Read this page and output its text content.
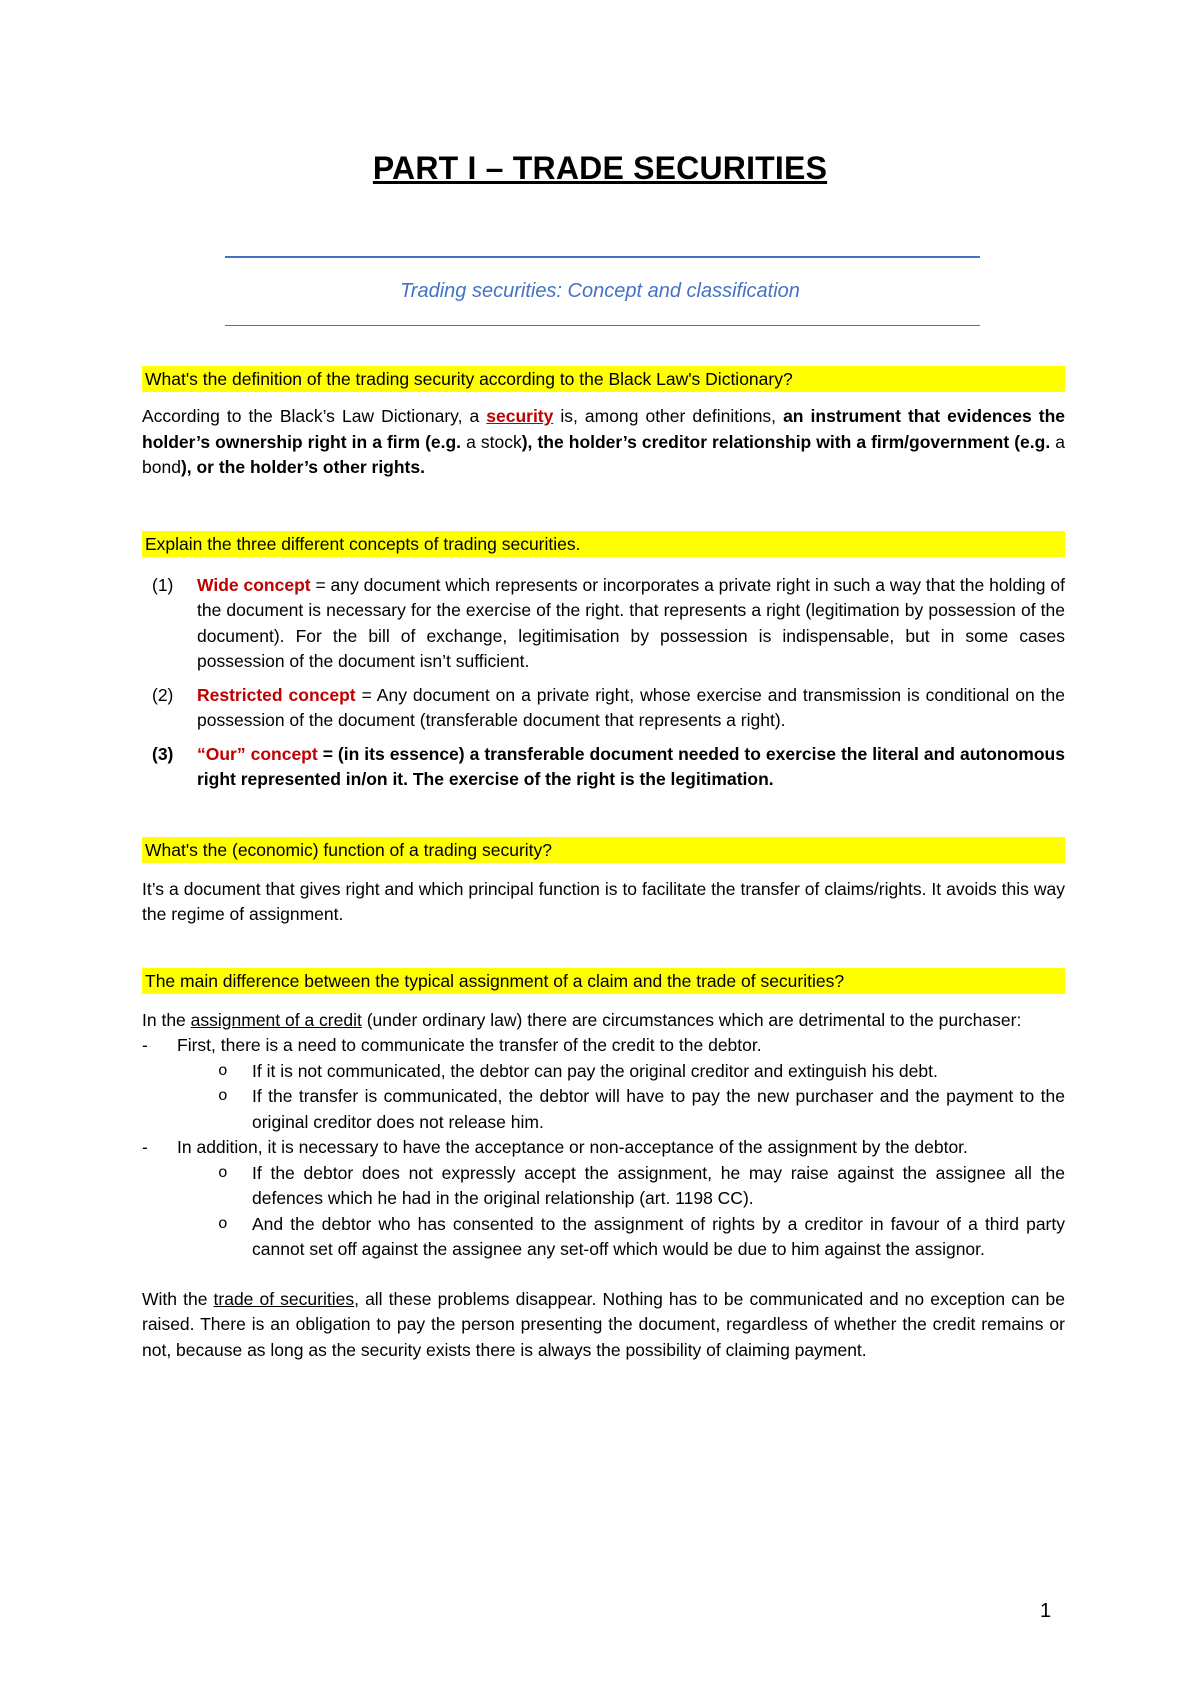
PART I – TRADE SECURITIES
Trading securities: Concept and classification
What's the definition of the trading security according to the Black Law's Dictionary?

According to the Black’s Law Dictionary, a security is, among other definitions, an instrument that evidences the holder’s ownership right in a firm (e.g. a stock), the holder’s creditor relationship with a firm/government (e.g. a bond), or the holder’s other rights.

Explain the three different concepts of trading securities.
(1)	Wide concept = any document which represents or incorporates a private right in such a way that the holding of the document is necessary for the exercise of the right. that represents a right (legitimation by possession of the document). For the bill of exchange, legitimisation by possession is indispensable, but in some cases possession of the document isn’t sufficient.
(2)	Restricted concept = Any document on a private right, whose exercise and transmission is conditional on the possession of the document (transferable document that represents a right).
(3)	“Our” concept = (in its essence) a transferable document needed to exercise the literal and autonomous right represented in/on it. The exercise of the right is the legitimation.
What's the (economic) function of a trading security?

It’s a document that gives right and which principal function is to facilitate the transfer of claims/rights. It avoids this way the regime of assignment.

The main difference between the typical assignment of a claim and the trade of securities?

In the assignment of a credit (under ordinary law) there are circumstances which are detrimental to the purchaser:

-	First, there is a need to communicate the transfer of the credit to the debtor.
o	If it is not communicated, the debtor can pay the original creditor and extinguish his debt.
o	If the transfer is communicated, the debtor will have to pay the new purchaser and the payment to the original creditor does not release him.
-	In addition, it is necessary to have the acceptance or non-acceptance of the assignment by the debtor.
o	If the debtor does not expressly accept the assignment, he may raise against the assignee all the defences which he had in the original relationship (art. 1198 CC).
o	And the debtor who has consented to the assignment of rights by a creditor in favour of a third party cannot set off against the assignee any set-off which would be due to him against the assignor.

With the trade of securities, all these problems disappear. Nothing has to be communicated and no exception can be raised. There is an obligation to pay the person presenting the document, regardless of whether the credit remains or not, because as long as the security exists there is always the possibility of claiming payment.

1
